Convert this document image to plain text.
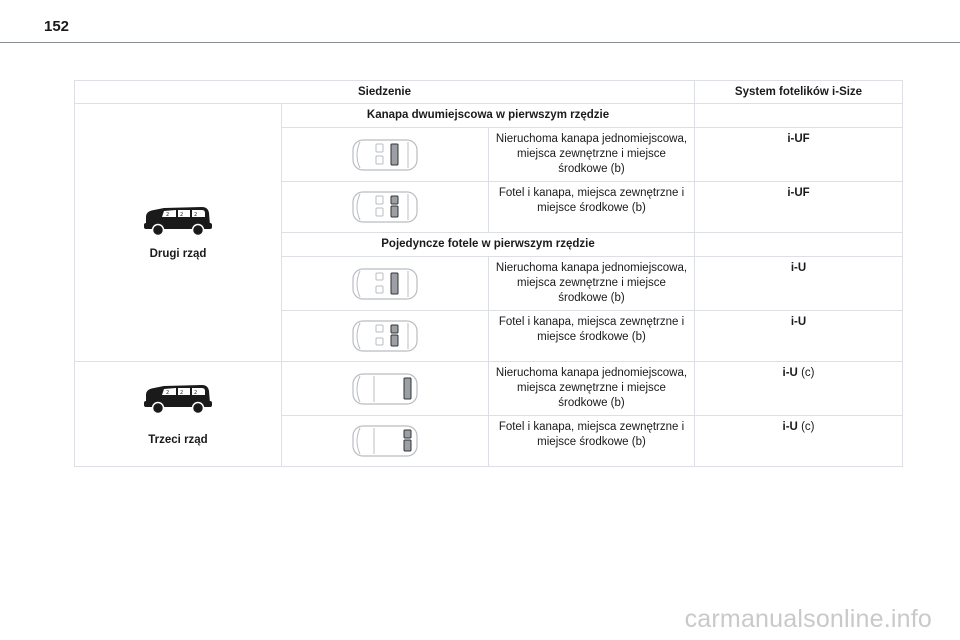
152
Siedzenie			System fotelików i-Size

2 2 2
Drugi rząd	Kanapa dwumiejscowa w pierwszym rzędzie		

	Nieruchoma kanapa jednomiejscowa, miejsca zewnętrzne i miejsce środkowe (b)	i-UF

	Fotel i kanapa, miejsca zewnętrzne i miejsce środkowe (b)	i-UF
	Pojedyncze fotele w pierwszym rzędzie		

	Nieruchoma kanapa jednomiejscowa, miejsca zewnętrzne i miejsce środkowe (b)	i-U

	Fotel i kanapa, miejsca zewnętrzne i miejsce środkowe (b)	i-U

2 2 2
Trzeci rząd		Nieruchoma kanapa jednomiejscowa, miejsca zewnętrzne i miejsce środkowe (b)	i-U (c)

	Fotel i kanapa, miejsca zewnętrzne i miejsce środkowe (b)	i-U (c)
carmanualsonline.info
